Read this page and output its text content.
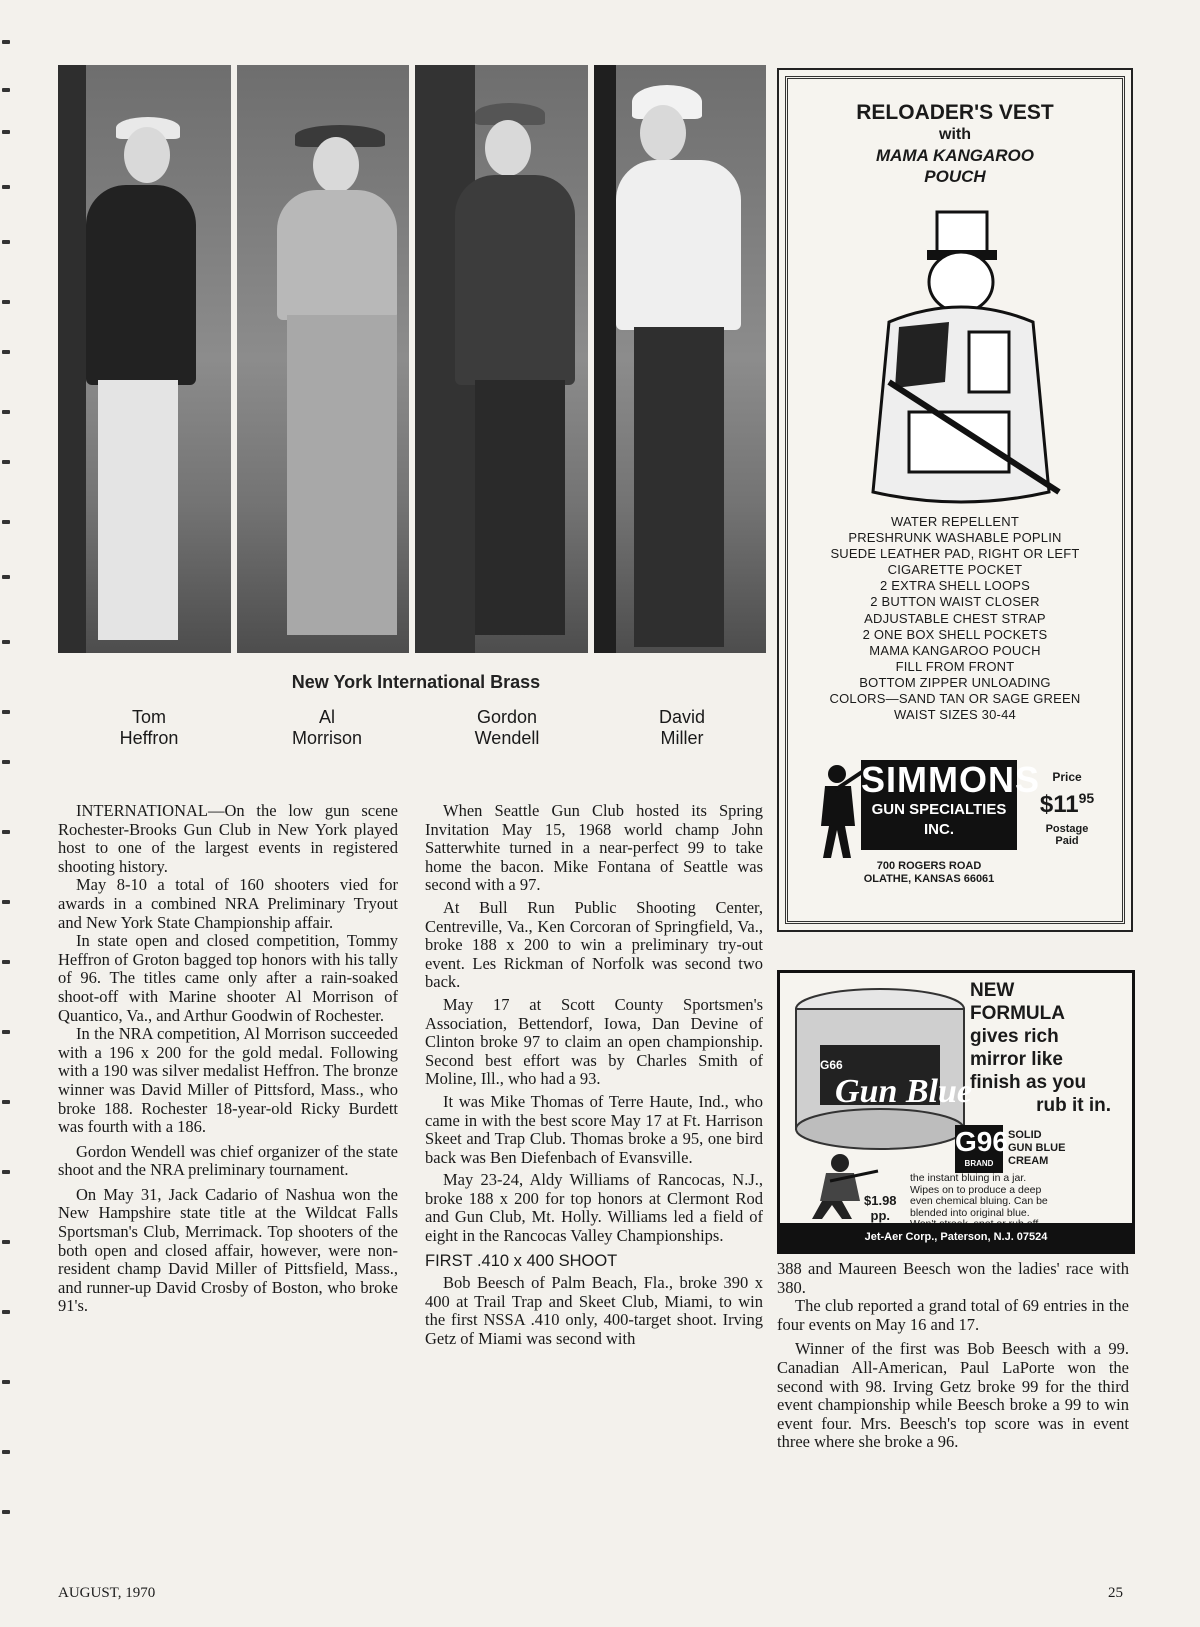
New York International Brass
Tom
Heffron
Al
Morrison
Gordon
Wendell
David
Miller

INTERNATIONAL—On the low gun scene Rochester-Brooks Gun Club in New York played host to one of the largest events in registered shooting history.

May 8-10 a total of 160 shooters vied for awards in a combined NRA Preliminary Tryout and New York State Championship affair.

In state open and closed competition, Tommy Heffron of Groton bagged top honors with his tally of 96. The titles came only after a rain-soaked shoot-off with Marine shooter Al Morrison of Quantico, Va., and Arthur Goodwin of Rochester.

In the NRA competition, Al Morrison succeeded with a 196 x 200 for the gold medal. Following with a 190 was silver medalist Heffron. The bronze winner was David Miller of Pittsford, Mass., who broke 188. Rochester 18-year-old Ricky Burdett was fourth with a 186.

Gordon Wendell was chief organizer of the state shoot and the NRA preliminary tournament.

On May 31, Jack Cadario of Nashua won the New Hampshire state title at the Wildcat Falls Sportsman's Club, Merrimack. Top shooters of the both open and closed affair, however, were non-resident champ David Miller of Pittsfield, Mass., and runner-up David Crosby of Boston, who broke 91's.

When Seattle Gun Club hosted its Spring Invitation May 15, 1968 world champ John Satterwhite turned in a near-perfect 99 to take home the bacon. Mike Fontana of Seattle was second with a 97.

At Bull Run Public Shooting Center, Centreville, Va., Ken Corcoran of Springfield, Va., broke 188 x 200 to win a preliminary try-out event. Les Rickman of Norfolk was second two back.

May 17 at Scott County Sportsmen's Association, Bettendorf, Iowa, Dan Devine of Clinton broke 97 to claim an open championship. Second best effort was by Charles Smith of Moline, Ill., who had a 93.

It was Mike Thomas of Terre Haute, Ind., who came in with the best score May 17 at Ft. Harrison Skeet and Trap Club. Thomas broke a 95, one bird back was Ben Diefenbach of Evansville.

May 23-24, Aldy Williams of Rancocas, N.J., broke 188 x 200 for top honors at Clermont Rod and Gun Club, Mt. Holly. Williams led a field of eight in the Rancocas Valley Championships.

FIRST .410 x 400 SHOOT

Bob Beesch of Palm Beach, Fla., broke 390 x 400 at Trail Trap and Skeet Club, Miami, to win the first NSSA .410 only, 400-target shoot. Irving Getz of Miami was second with

RELOADER'S VEST
with
MAMA KANGAROO
POUCH
WATER REPELLENT
PRESHRUNK WASHABLE POPLIN
SUEDE LEATHER PAD, RIGHT OR LEFT
CIGARETTE POCKET
2 EXTRA SHELL LOOPS
2 BUTTON WAIST CLOSER
ADJUSTABLE CHEST STRAP
2 ONE BOX SHELL POCKETS
MAMA KANGAROO POUCH
FILL FROM FRONT
BOTTOM ZIPPER UNLOADING
COLORS—SAND TAN OR SAGE GREEN
WAIST SIZES 30-44
SIMMONS
GUN SPECIALTIES
INC.
Price
$\$11^{95}$
Postage
Paid
700 ROGERS ROAD
OLATHE, KANSAS 66061
G66
Gun Blue
NEW
FORMULA
gives rich
mirror like
finish as you
rub it in.
G96
BRAND
SOLID
GUN BLUE
CREAM
$1.98
pp.
the instant bluing in a jar.
Wipes on to produce a deep
even chemical bluing. Can be
blended into original blue.
Jet-Aer Corp., Paterson, N.J. 07524

388 and Maureen Beesch won the ladies' race with 380.

The club reported a grand total of 69 entries in the four events on May 16 and 17.

Winner of the first was Bob Beesch with a 99. Canadian All-American, Paul LaPorte won the second with 98. Irving Getz broke 99 for the third event championship while Beesch broke a 99 to win event four. Mrs. Beesch's top score was in event three where she broke a 96.

AUGUST, 1970	25
